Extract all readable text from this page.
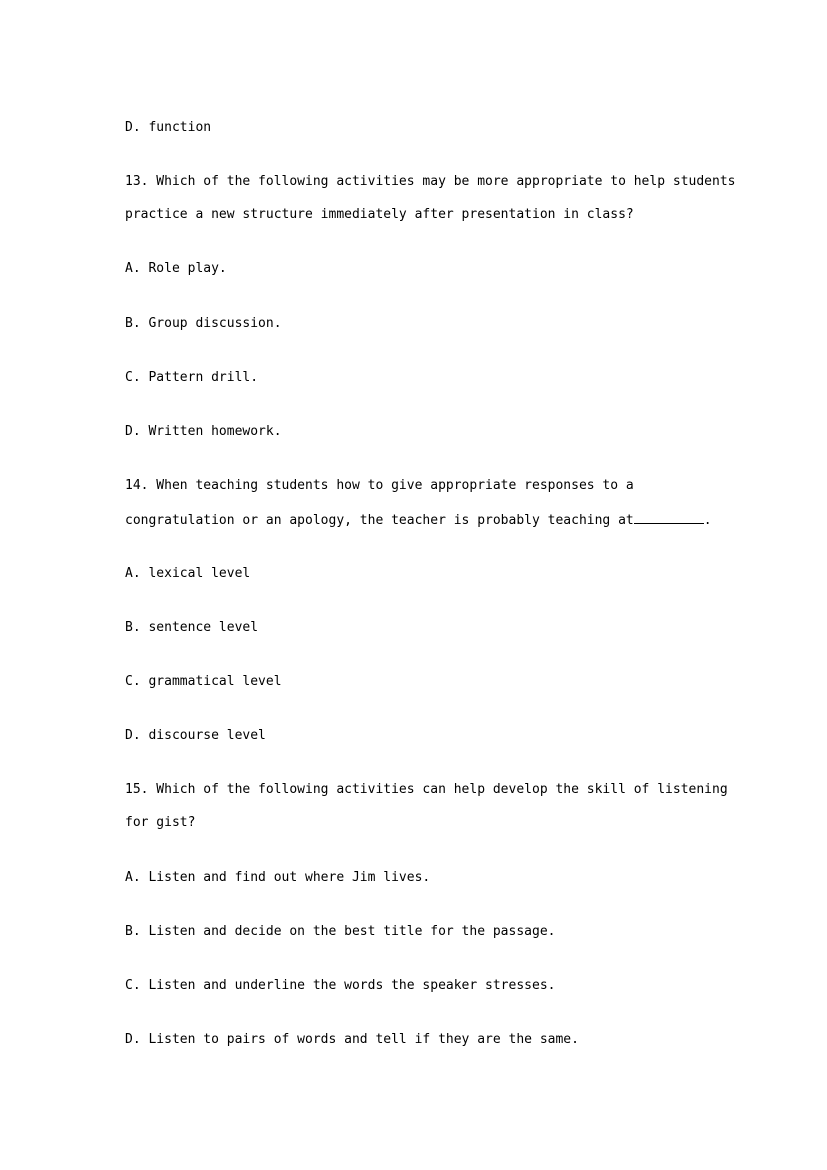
D. function
13. Which of the following activities may be more appropriate to help students
practice a new structure immediately after presentation in class?
A. Role play.
B. Group discussion.
C. Pattern drill.
D. Written homework.
14. When teaching students how to give appropriate responses to a
congratulation or an apology, the teacher is probably teaching at	.
A. lexical level
B. sentence level
C. grammatical level
D. discourse level
15. Which of the following activities can help develop the skill of listening
for gist?
A. Listen and find out where Jim lives.
B. Listen and decide on the best title for the passage.
C. Listen and underline the words the speaker stresses.
D. Listen to pairs of words and tell if they are the same.
